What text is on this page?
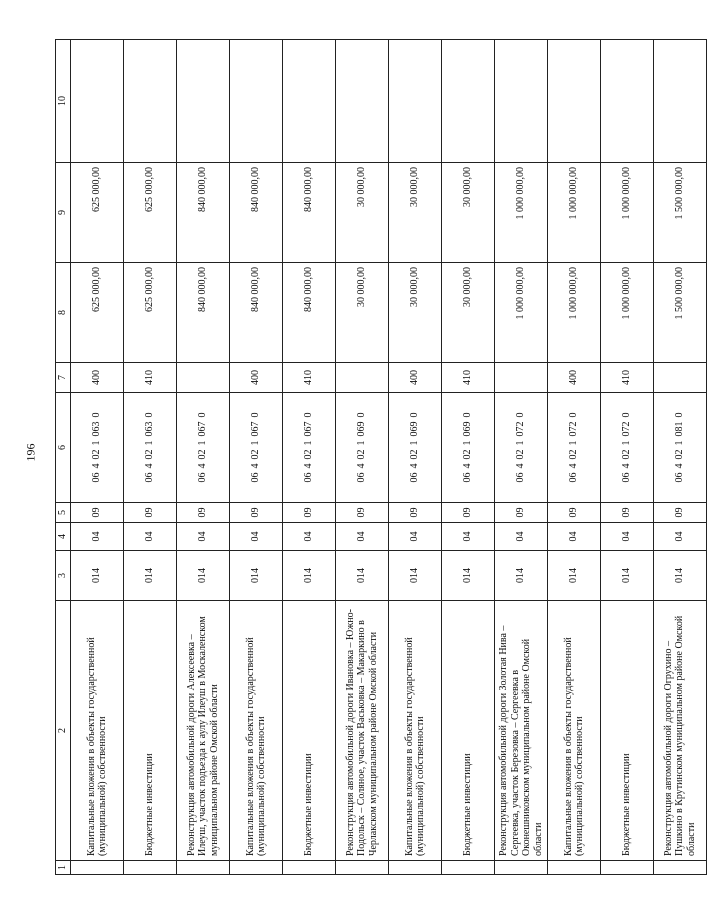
196
1	2	3	4	5	6	7	8	9	10
	Капитальные вложения в объекты государственной (муниципальной) собственности	014	04	09	0640210630	400	625 000,00	625 000,00	
	Бюджетные инвестиции	014	04	09	0640210630	410	625 000,00	625 000,00	
	Реконструкция автомобильной дороги Алексеевка – Илеуш, участок подъезда к аулу Илеуш в Москаленском муниципальном районе Омской области	014	04	09	0640210670		840 000,00	840 000,00	
	Капитальные вложения в объекты государственной (муниципальной) собственности	014	04	09	0640210670	400	840 000,00	840 000,00	
	Бюджетные инвестиции	014	04	09	0640210670	410	840 000,00	840 000,00	
	Реконструкция автомобильной дороги Ивановка – Южно-Подольск – Соляное, участок Васьковка – Макаркино в Черлакском муниципальном районе Омской области	014	04	09	0640210690		30 000,00	30 000,00	
	Капитальные вложения в объекты государственной (муниципальной) собственности	014	04	09	0640210690	400	30 000,00	30 000,00	
	Бюджетные инвестиции	014	04	09	0640210690	410	30 000,00	30 000,00	
	Реконструкция автомобильной дороги Золотая Нива – Сергеевка, участок Березовка – Сергеевка в Оконешниковском муниципальном районе Омской области	014	04	09	0640210720		1 000 000,00	1 000 000,00	
	Капитальные вложения в объекты государственной (муниципальной) собственности	014	04	09	0640210720	400	1 000 000,00	1 000 000,00	
	Бюджетные инвестиции	014	04	09	0640210720	410	1 000 000,00	1 000 000,00	
	Реконструкция автомобильной дороги Огрухино – Пушкино в Крутинском муниципальном районе Омской области	014	04	09	0640210810		1 500 000,00	1 500 000,00	
